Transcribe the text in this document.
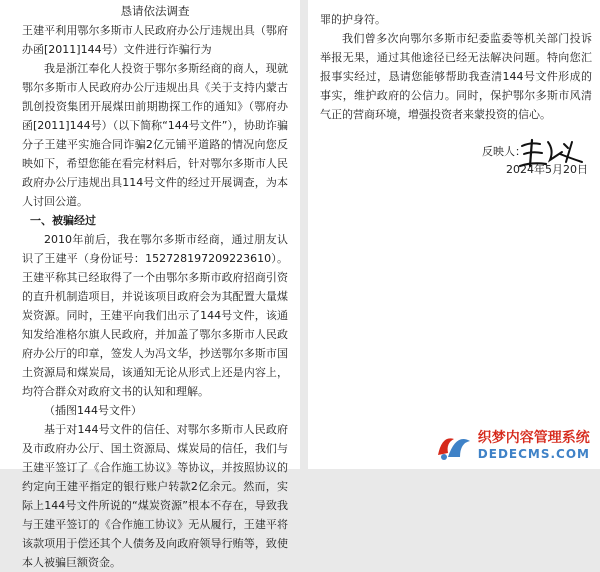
恳请依法调查

王建平利用鄂尔多斯市人民政府办公厅违规出具（鄂府办函[2011]144号）文件进行诈骗行为

我是浙江奉化人投资于鄂尔多斯经商的商人，现就鄂尔多斯市人民政府办公厅违规出具《关于支持内蒙古凯创投资集团开展煤田前期勘探工作的通知》（鄂府办函[2011]144号）（以下简称“144号文件”），协助诈骗分子王建平实施合同诈骗2亿元铺平道路的情况向您反映如下，希望您能在看完材料后，针对鄂尔多斯市人民政府办公厅违规出具114号文件的经过开展调查，为本人讨回公道。

一、被骗经过

2010年前后，我在鄂尔多斯市经商，通过朋友认识了王建平（身份证号：152728197209223610）。王建平称其已经取得了一个由鄂尔多斯市政府招商引资的直升机制造项目，并说该项目政府会为其配置大量煤炭资源。同时，王建平向我们出示了144号文件，该通知发给准格尔旗人民政府，并加盖了鄂尔多斯市人民政府办公厅的印章，签发人为冯文华，抄送鄂尔多斯市国土资源局和煤炭局，该通知无论从形式上还是内容上，均符合群众对政府文书的认知和理解。

（插图144号文件）

基于对144号文件的信任、对鄂尔多斯市人民政府及市政府办公厅、国土资源局、煤炭局的信任，我们与王建平签订了《合作施工协议》等协议，并按照协议的约定向王建平指定的银行账户转款2亿余元。然而，实际上144号文件所说的“煤炭资源”根本不存在，导致我与王建平签订的《合作施工协议》无从履行，王建平将该款项用于偿还其个人债务及向政府领导行贿等，致使本人被骗巨额资金。

罪的护身符。

我们曾多次向鄂尔多斯市纪委监委等机关部门投诉举报无果，通过其他途径已经无法解决问题。特向您汇报事实经过，恳请您能够帮助我查清144号文件形成的事实，维护政府的公信力。同时，保护鄂尔多斯市风清气正的营商环境，增强投资者来蒙投资的信心。

反映人：

2024年5月20日

织梦内容管理系统
DEDECMS.COM
